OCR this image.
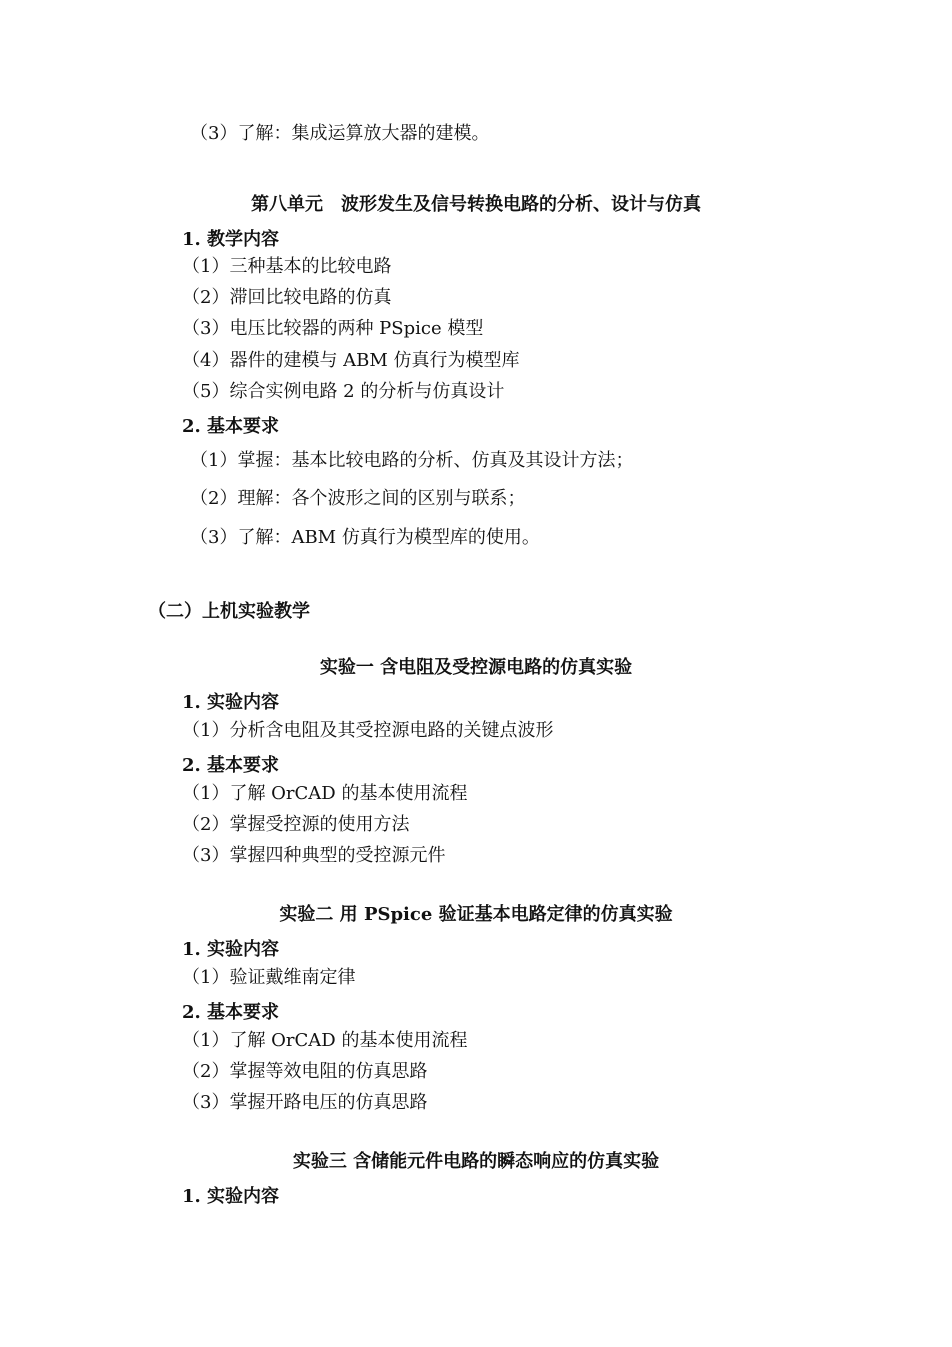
（3）了解：集成运算放大器的建模。
第八单元　波形发生及信号转换电路的分析、设计与仿真
1. 教学内容
（1）三种基本的比较电路
（2）滞回比较电路的仿真
（3）电压比较器的两种 PSpice 模型
（4）器件的建模与 ABM 仿真行为模型库
（5）综合实例电路 2 的分析与仿真设计
2. 基本要求
（1）掌握：基本比较电路的分析、仿真及其设计方法；
（2）理解：各个波形之间的区别与联系；
（3）了解：ABM 仿真行为模型库的使用。
（二）上机实验教学
实验一 含电阻及受控源电路的仿真实验
1. 实验内容
（1）分析含电阻及其受控源电路的关键点波形
2. 基本要求
（1）了解 OrCAD 的基本使用流程
（2）掌握受控源的使用方法
（3）掌握四种典型的受控源元件
实验二 用 PSpice 验证基本电路定律的仿真实验
1. 实验内容
（1）验证戴维南定律
2. 基本要求
（1）了解 OrCAD 的基本使用流程
（2）掌握等效电阻的仿真思路
（3）掌握开路电压的仿真思路
实验三 含储能元件电路的瞬态响应的仿真实验
1. 实验内容
